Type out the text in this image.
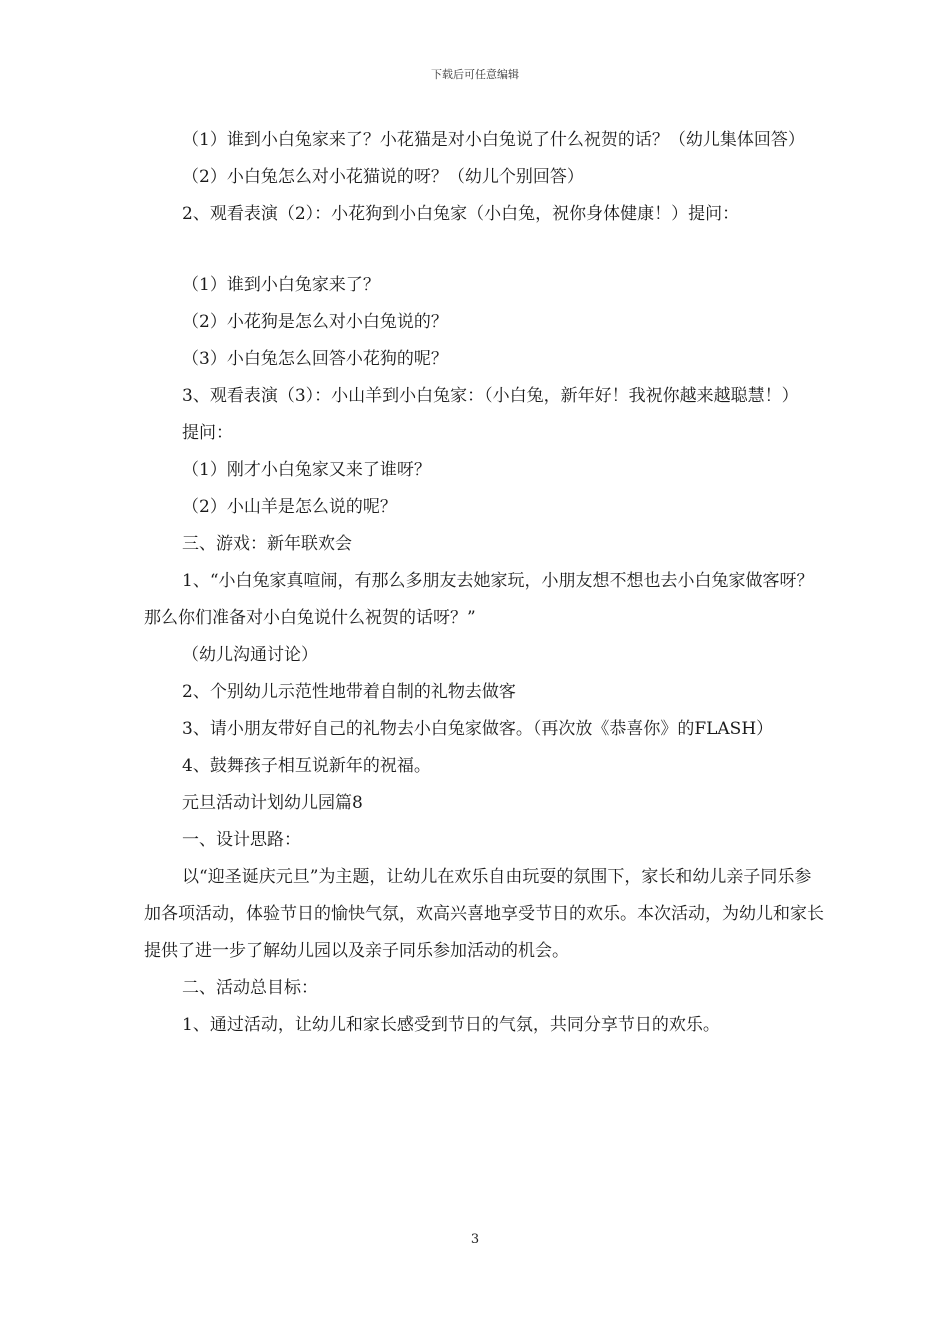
下载后可任意编辑

（1）谁到小白兔家来了？小花猫是对小白兔说了什么祝贺的话？（幼儿集体回答）

（2）小白兔怎么对小花猫说的呀？（幼儿个别回答）

2、观看表演（2）：小花狗到小白兔家（小白兔，祝你身体健康！）提问：

（1）谁到小白兔家来了？

（2）小花狗是怎么对小白兔说的？

（3）小白兔怎么回答小花狗的呢？

3、观看表演（3）：小山羊到小白兔家：（小白兔，新年好！我祝你越来越聪慧！）

提问：

（1）刚才小白兔家又来了谁呀？

（2）小山羊是怎么说的呢？

三、游戏：新年联欢会

1、“小白兔家真喧闹，有那么多朋友去她家玩，小朋友想不想也去小白兔家做客呀？那么你们准备对小白兔说什么祝贺的话呀？”

（幼儿沟通讨论）

2、个别幼儿示范性地带着自制的礼物去做客

3、请小朋友带好自己的礼物去小白兔家做客。（再次放《恭喜你》的FLASH）

4、鼓舞孩子相互说新年的祝福。

元旦活动计划幼儿园篇8

一、设计思路：

以“迎圣诞庆元旦”为主题，让幼儿在欢乐自由玩耍的氛围下，家长和幼儿亲子同乐参加各项活动，体验节日的愉快气氛，欢高兴喜地享受节日的欢乐。本次活动，为幼儿和家长提供了进一步了解幼儿园以及亲子同乐参加活动的机会。

二、活动总目标：

1、通过活动，让幼儿和家长感受到节日的气氛，共同分享节日的欢乐。

3
